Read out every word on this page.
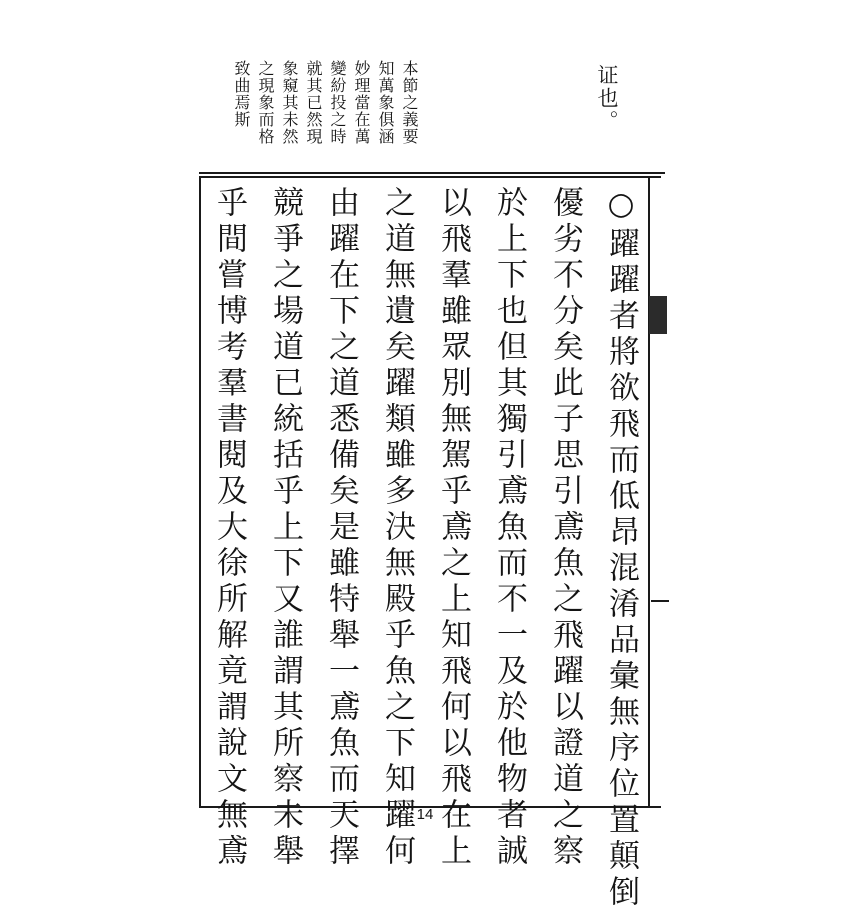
本節之義要
知萬象俱涵
妙理當在萬
變紛投之時
就其已然現
象窺其未然
之現象而格
致曲焉斯	证也。
○躍躍者將欲飛而低昂混淆品彙無序位置顛倒
優劣不分矣此子思引鳶魚之飛躍以證道之察
於上下也但其獨引鳶魚而不一及於他物者誠
以飛羣雖眾別無駕乎鳶之上知飛何以飛在上
之道無遺矣躍類雖多決無殿乎魚之下知躍何
由躍在下之道悉備矣是雖特舉一鳶魚而天擇
競爭之場道已統括乎上下又誰謂其所察未舉
乎間嘗博考羣書閱及大徐所解竟謂說文無鳶	14
